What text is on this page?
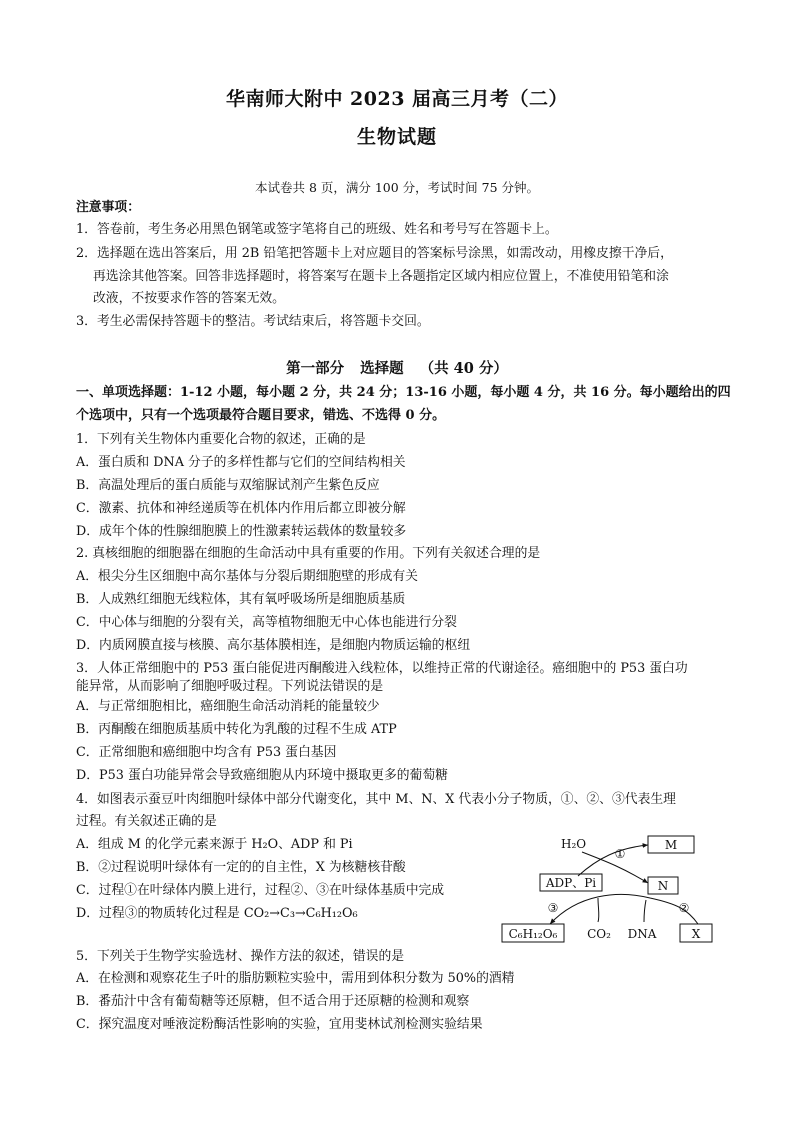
华南师大附中 2023 届高三月考（二）
生物试题
本试卷共 8 页，满分 100 分，考试时间 75 分钟。
注意事项：
1．答卷前，考生务必用黑色钢笔或签字笔将自己的班级、姓名和考号写在答题卡上。
2．选择题在选出答案后，用 2B 铅笔把答题卡上对应题目的答案标号涂黑，如需改动，用橡皮擦干净后，
再选涂其他答案。回答非选择题时，将答案写在题卡上各题指定区域内相应位置上，不准使用铅笔和涂
改液，不按要求作答的答案无效。
3．考生必需保持答题卡的整洁。考试结束后，将答题卡交回。
第一部分 选择题 （共 40 分）
一、单项选择题：1-12 小题，每小题 2 分，共 24 分；13-16 小题，每小题 4 分，共 16 分。每小题给出的四
个选项中，只有一个选项最符合题目要求，错选、不选得 0 分。
1．下列有关生物体内重要化合物的叙述，正确的是
A．蛋白质和 DNA 分子的多样性都与它们的空间结构相关
B．高温处理后的蛋白质能与双缩脲试剂产生紫色反应
C．激素、抗体和神经递质等在机体内作用后都立即被分解
D．成年个体的性腺细胞膜上的性激素转运载体的数量较多
2. 真核细胞的细胞器在细胞的生命活动中具有重要的作用。下列有关叙述合理的是
A．根尖分生区细胞中高尔基体与分裂后期细胞壁的形成有关
B．人成熟红细胞无线粒体，其有氧呼吸场所是细胞质基质
C．中心体与细胞的分裂有关，高等植物细胞无中心体也能进行分裂
D．内质网膜直接与核膜、高尔基体膜相连，是细胞内物质运输的枢纽
3．人体正常细胞中的 P53 蛋白能促进丙酮酸进入线粒体，以维持正常的代谢途径。癌细胞中的 P53 蛋白功
能异常，从而影响了细胞呼吸过程。下列说法错误的是
A．与正常细胞相比，癌细胞生命活动消耗的能量较少
B．丙酮酸在细胞质基质中转化为乳酸的过程不生成 ATP
C．正常细胞和癌细胞中均含有 P53 蛋白基因
D．P53 蛋白功能异常会导致癌细胞从内环境中摄取更多的葡萄糖
4．如图表示蚕豆叶肉细胞叶绿体中部分代谢变化，其中 M、N、X 代表小分子物质，①、②、③代表生理
过程。有关叙述正确的是
A．组成 M 的化学元素来源于 H₂O、ADP 和 Pi
B．②过程说明叶绿体有一定的的自主性，X 为核糖核苷酸
C．过程①在叶绿体内膜上进行，过程②、③在叶绿体基质中完成
D．过程③的物质转化过程是 CO₂→C₃→C₆H₁₂O₆
H₂O	M
①
ADP、Pi	N
③	②
C₆H₁₂O₆ CO₂ DNA	X
5．下列关于生物学实验选材、操作方法的叙述，错误的是
A．在检测和观察花生子叶的脂肪颗粒实验中，需用到体积分数为 50%的酒精
B．番茄汁中含有葡萄糖等还原糖，但不适合用于还原糖的检测和观察
C．探究温度对唾液淀粉酶活性影响的实验，宜用斐林试剂检测实验结果
